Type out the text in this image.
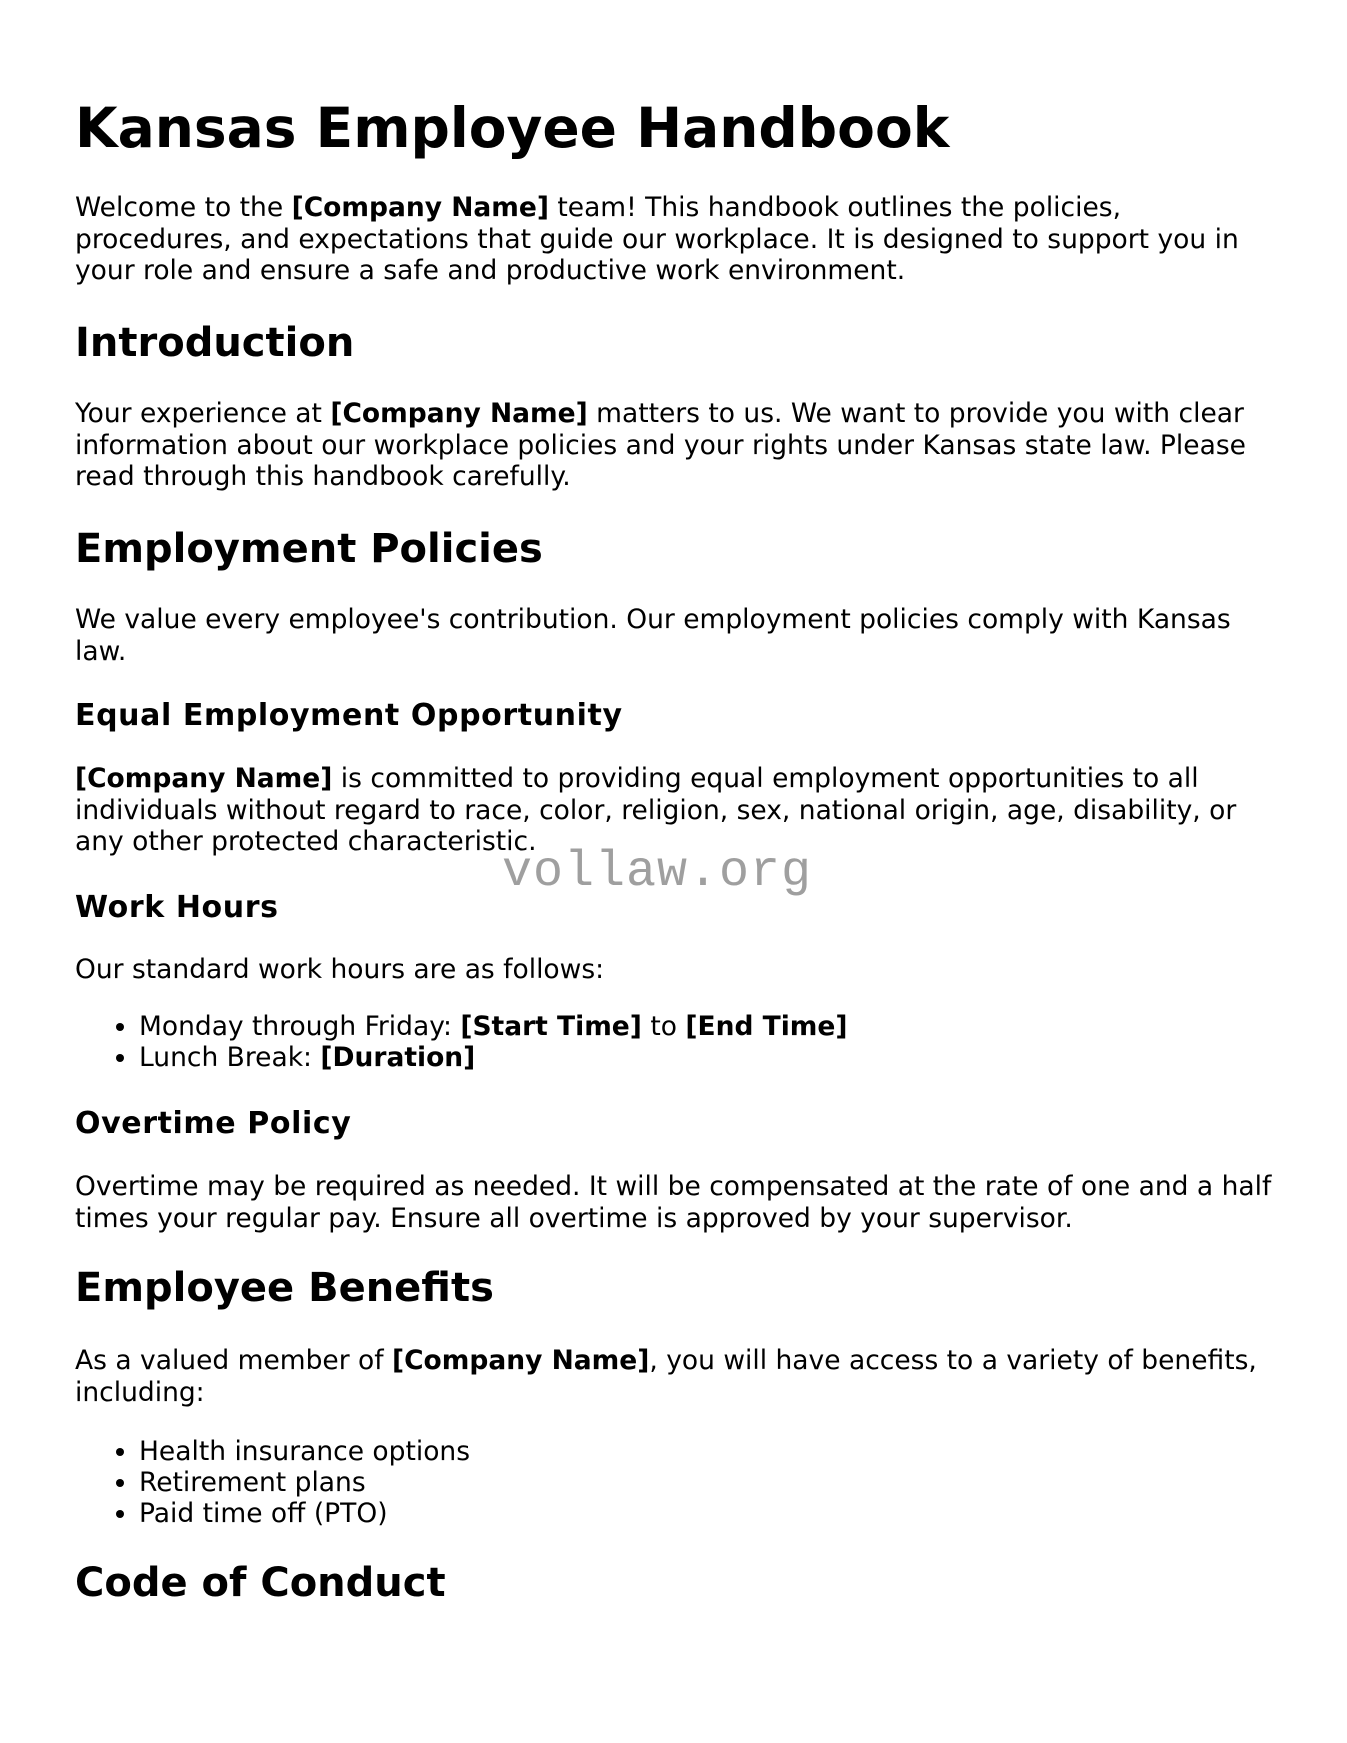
Kansas Employee Handbook

Welcome to the [Company Name] team! This handbook outlines the policies, procedures, and expectations that guide our workplace. It is designed to support you in your role and ensure a safe and productive work environment.

Introduction

Your experience at [Company Name] matters to us. We want to provide you with clear information about our workplace policies and your rights under Kansas state law. Please read through this handbook carefully.

Employment Policies

We value every employee's contribution. Our employment policies comply with Kansas law.

Equal Employment Opportunity

[Company Name] is committed to providing equal employment opportunities to all individuals without regard to race, color, religion, sex, national origin, age, disability, or any other protected characteristic.

Work Hours

Our standard work hours are as follows:

• Monday through Friday: [Start Time] to [End Time]
• Lunch Break: [Duration]
Overtime Policy

Overtime may be required as needed. It will be compensated at the rate of one and a half times your regular pay. Ensure all overtime is approved by your supervisor.

Employee Benefits

As a valued member of [Company Name], you will have access to a variety of benefits, including:

• Health insurance options
• Retirement plans
• Paid time off (PTO)
Code of Conduct
vollaw.org
